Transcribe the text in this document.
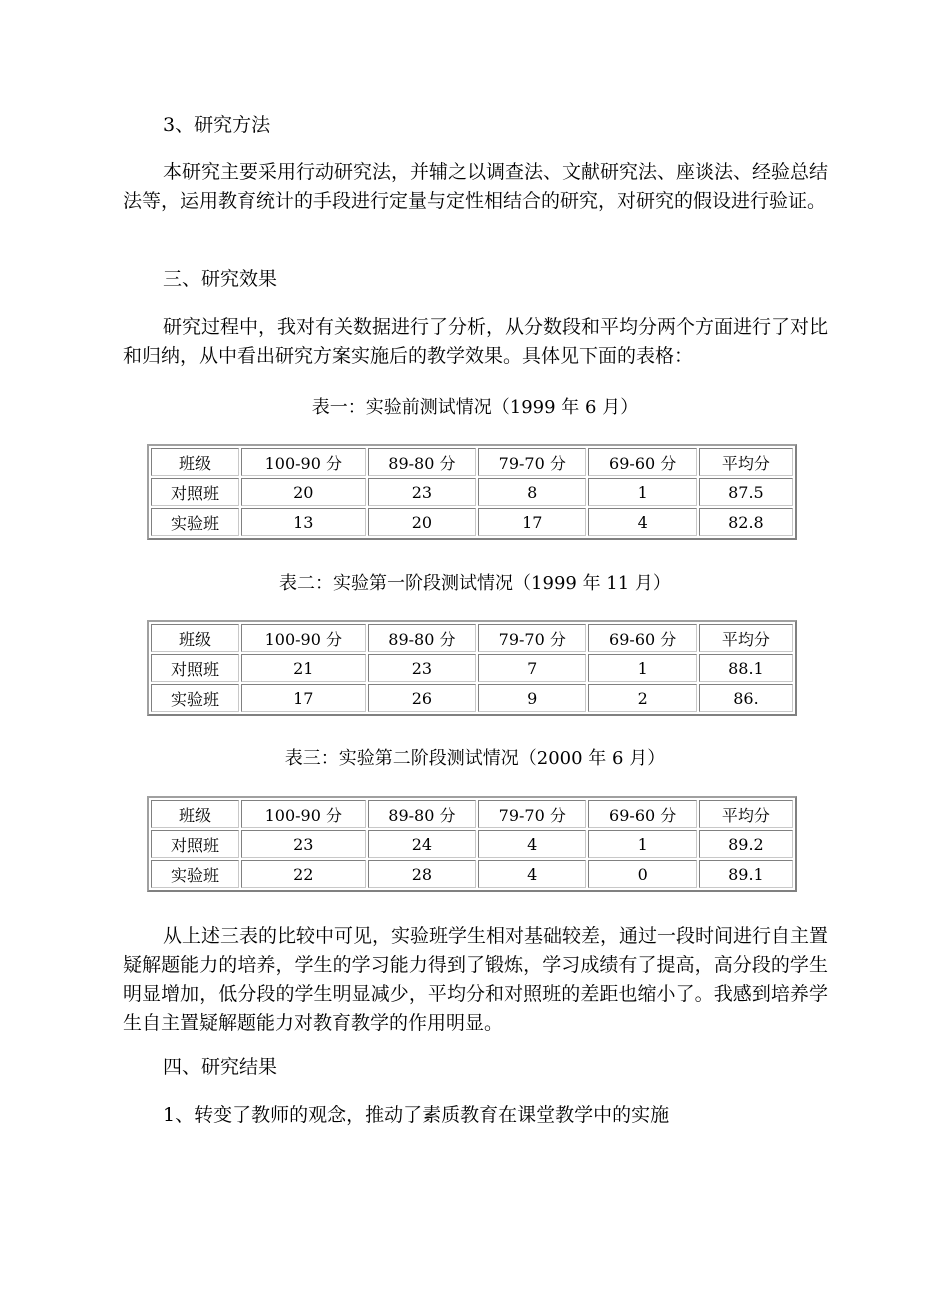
3、研究方法
本研究主要采用行动研究法，并辅之以调查法、文献研究法、座谈法、经验总结法等，运用教育统计的手段进行定量与定性相结合的研究，对研究的假设进行验证。
三、研究效果
研究过程中，我对有关数据进行了分析，从分数段和平均分两个方面进行了对比和归纳，从中看出研究方案实施后的教学效果。具体见下面的表格：
表一：实验前测试情况（1999 年 6 月）
班级	100-90 分	89-80 分	79-70 分	69-60 分	平均分
对照班	20	23	8	1	87.5
实验班	13	20	17	4	82.8
表二：实验第一阶段测试情况（1999 年 11 月）
班级	100-90 分	89-80 分	79-70 分	69-60 分	平均分
对照班	21	23	7	1	88.1
实验班	17	26	9	2	86.
表三：实验第二阶段测试情况（2000 年 6 月）
班级	100-90 分	89-80 分	79-70 分	69-60 分	平均分
对照班	23	24	4	1	89.2
实验班	22	28	4	0	89.1
从上述三表的比较中可见，实验班学生相对基础较差，通过一段时间进行自主置疑解题能力的培养，学生的学习能力得到了锻炼，学习成绩有了提高，高分段的学生明显增加，低分段的学生明显减少，平均分和对照班的差距也缩小了。我感到培养学生自主置疑解题能力对教育教学的作用明显。
四、研究结果
1、转变了教师的观念，推动了素质教育在课堂教学中的实施
